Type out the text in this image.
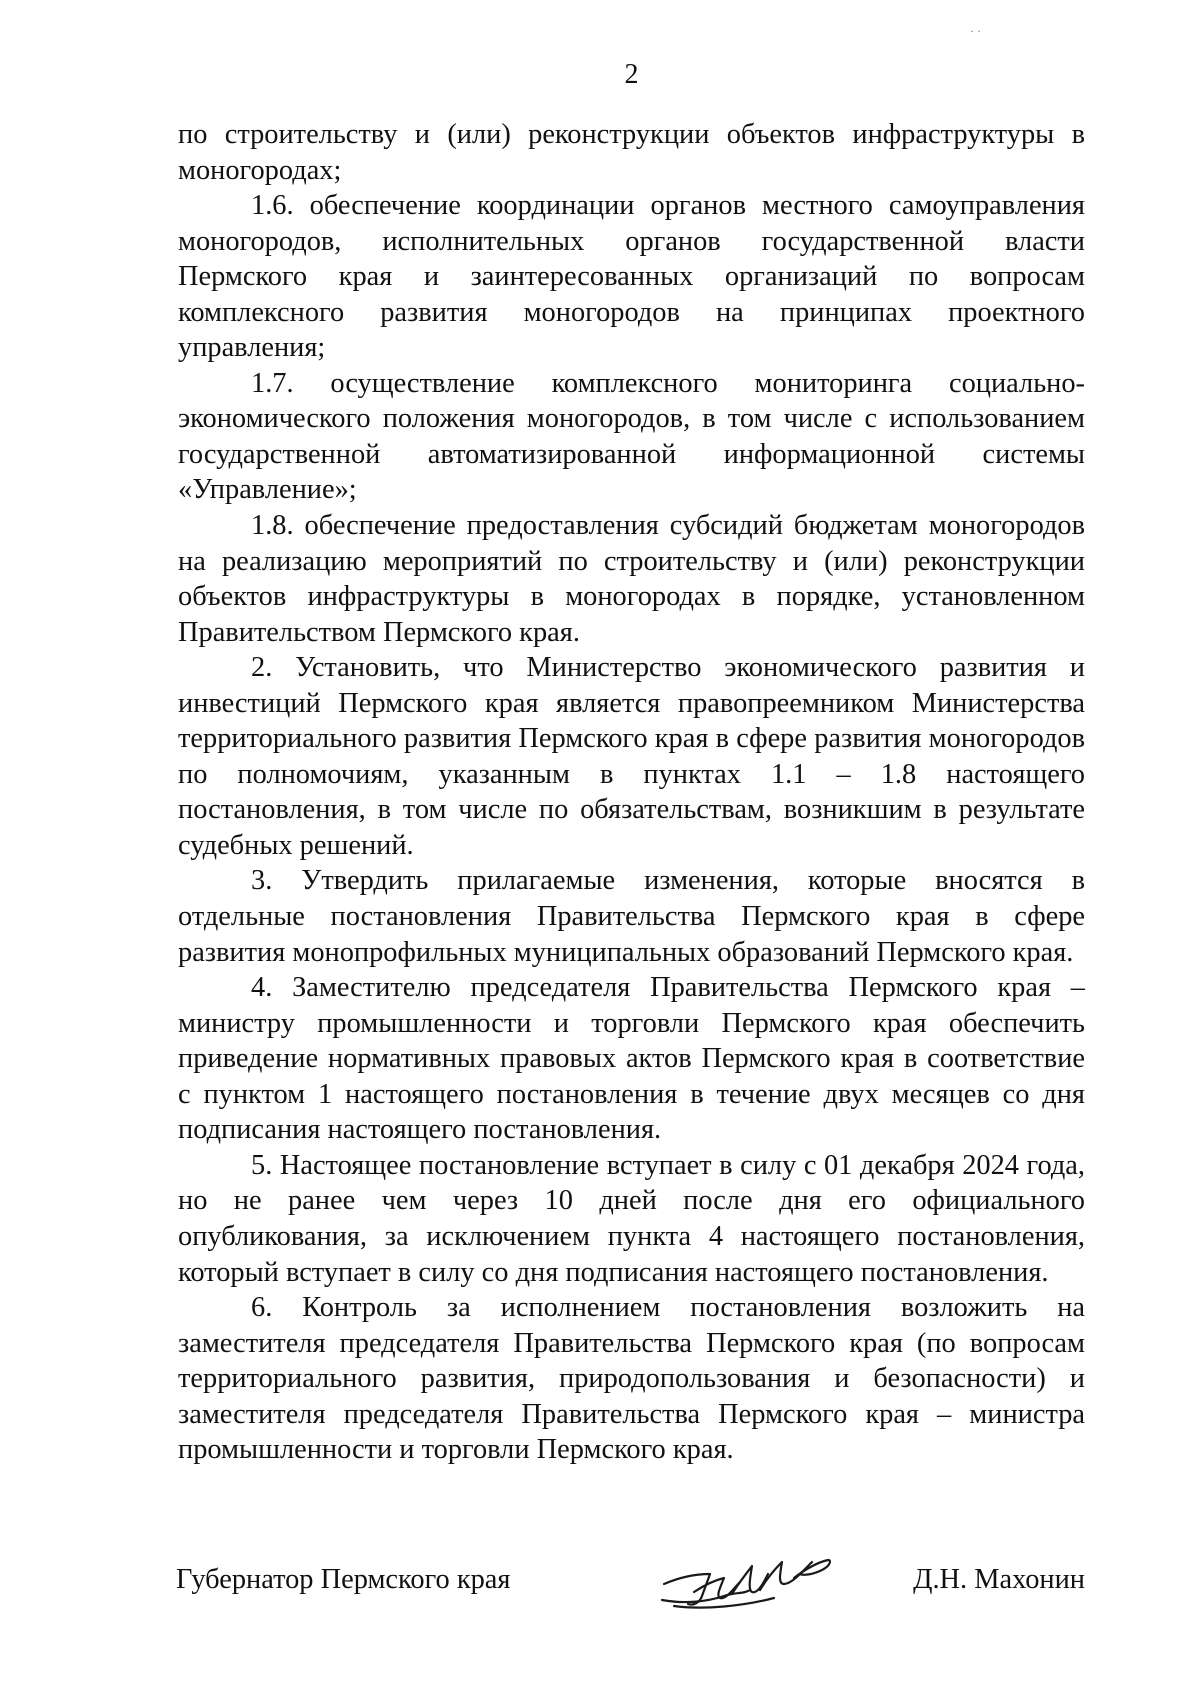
· ·
2

по строительству и (или) реконструкции объектов инфраструктуры в моногородах;

1.6. обеспечение координации органов местного самоуправления моногородов, исполнительных органов государственной власти Пермского края и заинтересованных организаций по вопросам комплексного развития моногородов на принципах проектного управления;

1.7. осуществление комплексного мониторинга социально-экономического положения моногородов, в том числе с использованием государственной автоматизированной информационной системы «Управление»;

1.8. обеспечение предоставления субсидий бюджетам моногородов на реализацию мероприятий по строительству и (или) реконструкции объектов инфраструктуры в моногородах в порядке, установленном Правительством Пермского края.

2. Установить, что Министерство экономического развития и инвестиций Пермского края является правопреемником Министерства территориального развития Пермского края в сфере развития моногородов по полномочиям, указанным в пунктах 1.1 – 1.8 настоящего постановления, в том числе по обязательствам, возникшим в результате судебных решений.

3. Утвердить прилагаемые изменения, которые вносятся в отдельные постановления Правительства Пермского края в сфере развития монопрофильных муниципальных образований Пермского края.

4. Заместителю председателя Правительства Пермского края – министру промышленности и торговли Пермского края обеспечить приведение нормативных правовых актов Пермского края в соответствие с пунктом 1 настоящего постановления в течение двух месяцев со дня подписания настоящего постановления.

5. Настоящее постановление вступает в силу с 01 декабря 2024 года, но не ранее чем через 10 дней после дня его официального опубликования, за исключением пункта 4 настоящего постановления, который вступает в силу со дня подписания настоящего постановления.

6. Контроль за исполнением постановления возложить на заместителя председателя Правительства Пермского края (по вопросам территориального развития, природопользования и безопасности) и заместителя председателя Правительства Пермского края – министра промышленности и торговли Пермского края.

Губернатор Пермского края	Д.Н. Махонин
